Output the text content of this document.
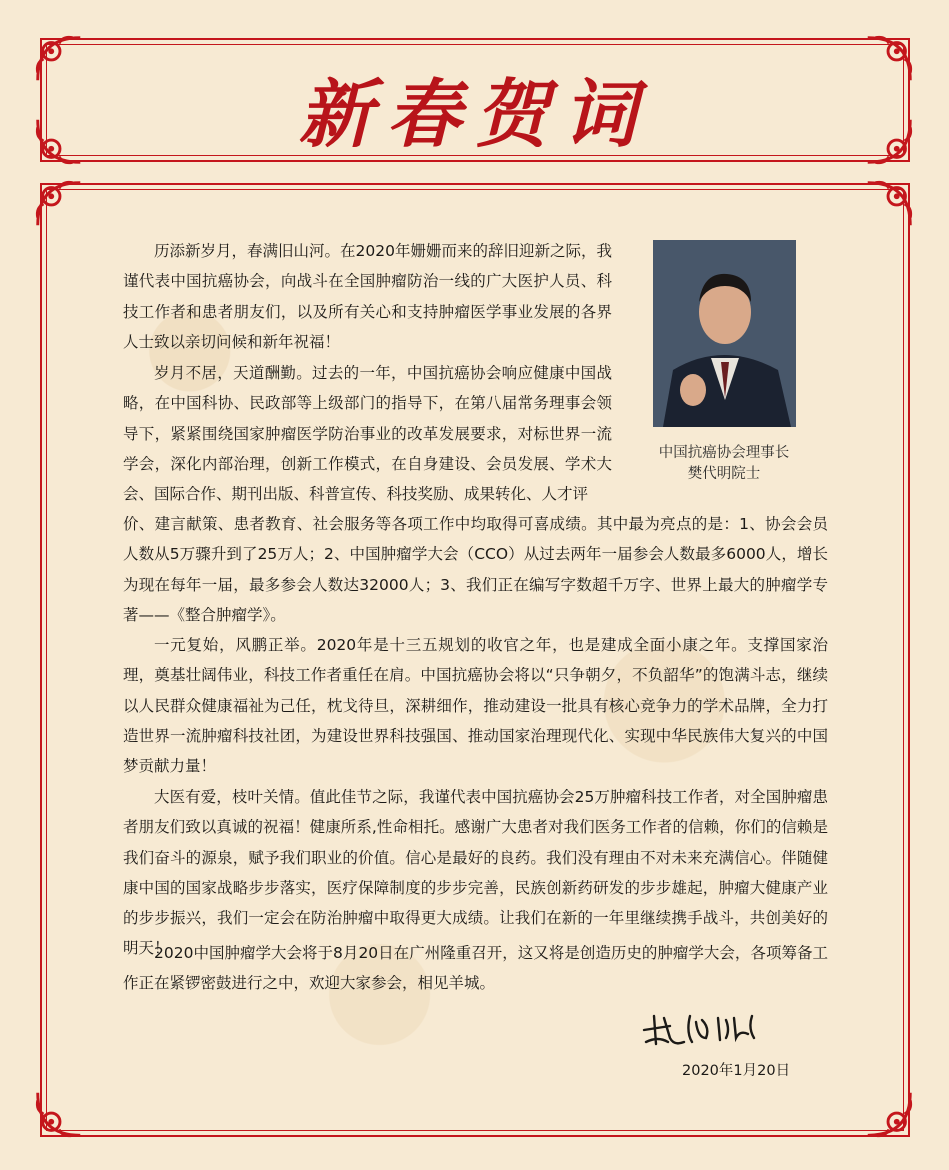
新春贺词
中国抗癌协会理事长
樊代明院士

历添新岁月，春满旧山河。在2020年姗姗而来的辞旧迎新之际，我谨代表中国抗癌协会，向战斗在全国肿瘤防治一线的广大医护人员、科技工作者和患者朋友们，以及所有关心和支持肿瘤医学事业发展的各界人士致以亲切问候和新年祝福！

岁月不居，天道酬勤。过去的一年，中国抗癌协会响应健康中国战略，在中国科协、民政部等上级部门的指导下，在第八届常务理事会领导下，紧紧围绕国家肿瘤医学防治事业的改革发展要求，对标世界一流学会，深化内部治理，创新工作模式，在自身建设、会员发展、学术大会、国际合作、期刊出版、科普宣传、科技奖励、成果转化、人才评

价、建言献策、患者教育、社会服务等各项工作中均取得可喜成绩。其中最为亮点的是：1、协会会员人数从5万骤升到了25万人；2、中国肿瘤学大会（CCO）从过去两年一届参会人数最多6000人，增长为现在每年一届，最多参会人数达32000人；3、我们正在编写字数超千万字、世界上最大的肿瘤学专著——《整合肿瘤学》。

一元复始，风鹏正举。2020年是十三五规划的收官之年，也是建成全面小康之年。支撑国家治理，奠基壮阔伟业，科技工作者重任在肩。中国抗癌协会将以“只争朝夕，不负韶华”的饱满斗志，继续以人民群众健康福祉为己任，枕戈待旦，深耕细作，推动建设一批具有核心竞争力的学术品牌，全力打造世界一流肿瘤科技社团，为建设世界科技强国、推动国家治理现代化、实现中华民族伟大复兴的中国梦贡献力量！

大医有爱，枝叶关情。值此佳节之际，我谨代表中国抗癌协会25万肿瘤科技工作者，对全国肿瘤患者朋友们致以真诚的祝福！健康所系,性命相托。感谢广大患者对我们医务工作者的信赖，你们的信赖是我们奋斗的源泉，赋予我们职业的价值。信心是最好的良药。我们没有理由不对未来充满信心。伴随健康中国的国家战略步步落实，医疗保障制度的步步完善，民族创新药研发的步步雄起，肿瘤大健康产业的步步振兴，我们一定会在防治肿瘤中取得更大成绩。让我们在新的一年里继续携手战斗，共创美好的明天！

2020中国肿瘤学大会将于8月20日在广州隆重召开，这又将是创造历史的肿瘤学大会，各项筹备工作正在紧锣密鼓进行之中，欢迎大家参会，相见羊城。

2020年1月20日
